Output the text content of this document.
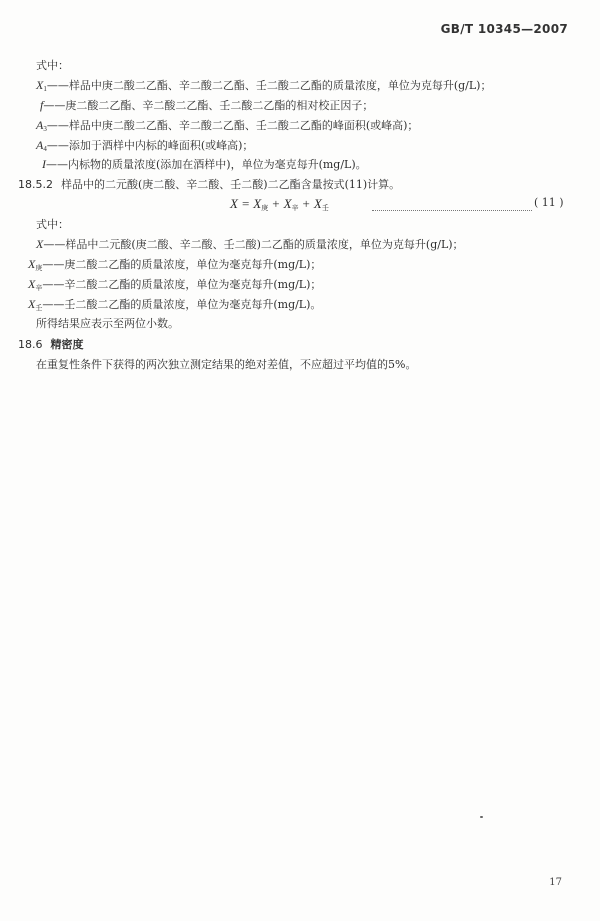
GB/T 10345—2007
式中：
$X_1——$样品中庚二酸二乙酯、辛二酸二乙酯、壬二酸二乙酯的质量浓度，单位为克每升(g/L)；
f——庚二酸二乙酯、辛二酸二乙酯、壬二酸二乙酯的相对校正因子；
$A_3——$样品中庚二酸二乙酯、辛二酸二乙酯、壬二酸二乙酯的峰面积(或峰高)；
$A_4——$添加于酒样中内标的峰面积(或峰高)；
I——内标物的质量浓度(添加在酒样中)，单位为毫克每升(mg/L)。
18.5.2 样品中的二元酸(庚二酸、辛二酸、壬二酸)二乙酯含量按式(11)计算。
$X = X_庚 + X_辛 + X_壬$	( 11 )
式中：
X——样品中二元酸(庚二酸、辛二酸、壬二酸)二乙酯的质量浓度，单位为克每升(g/L)；
$X_庚——$庚二酸二乙酯的质量浓度，单位为毫克每升(mg/L)；
$X_辛——$辛二酸二乙酯的质量浓度，单位为毫克每升(mg/L)；
$X_壬——$壬二酸二乙酯的质量浓度，单位为毫克每升(mg/L)。
所得结果应表示至两位小数。
18.6 精密度
在重复性条件下获得的两次独立测定结果的绝对差值，不应超过平均值的5%。
17
